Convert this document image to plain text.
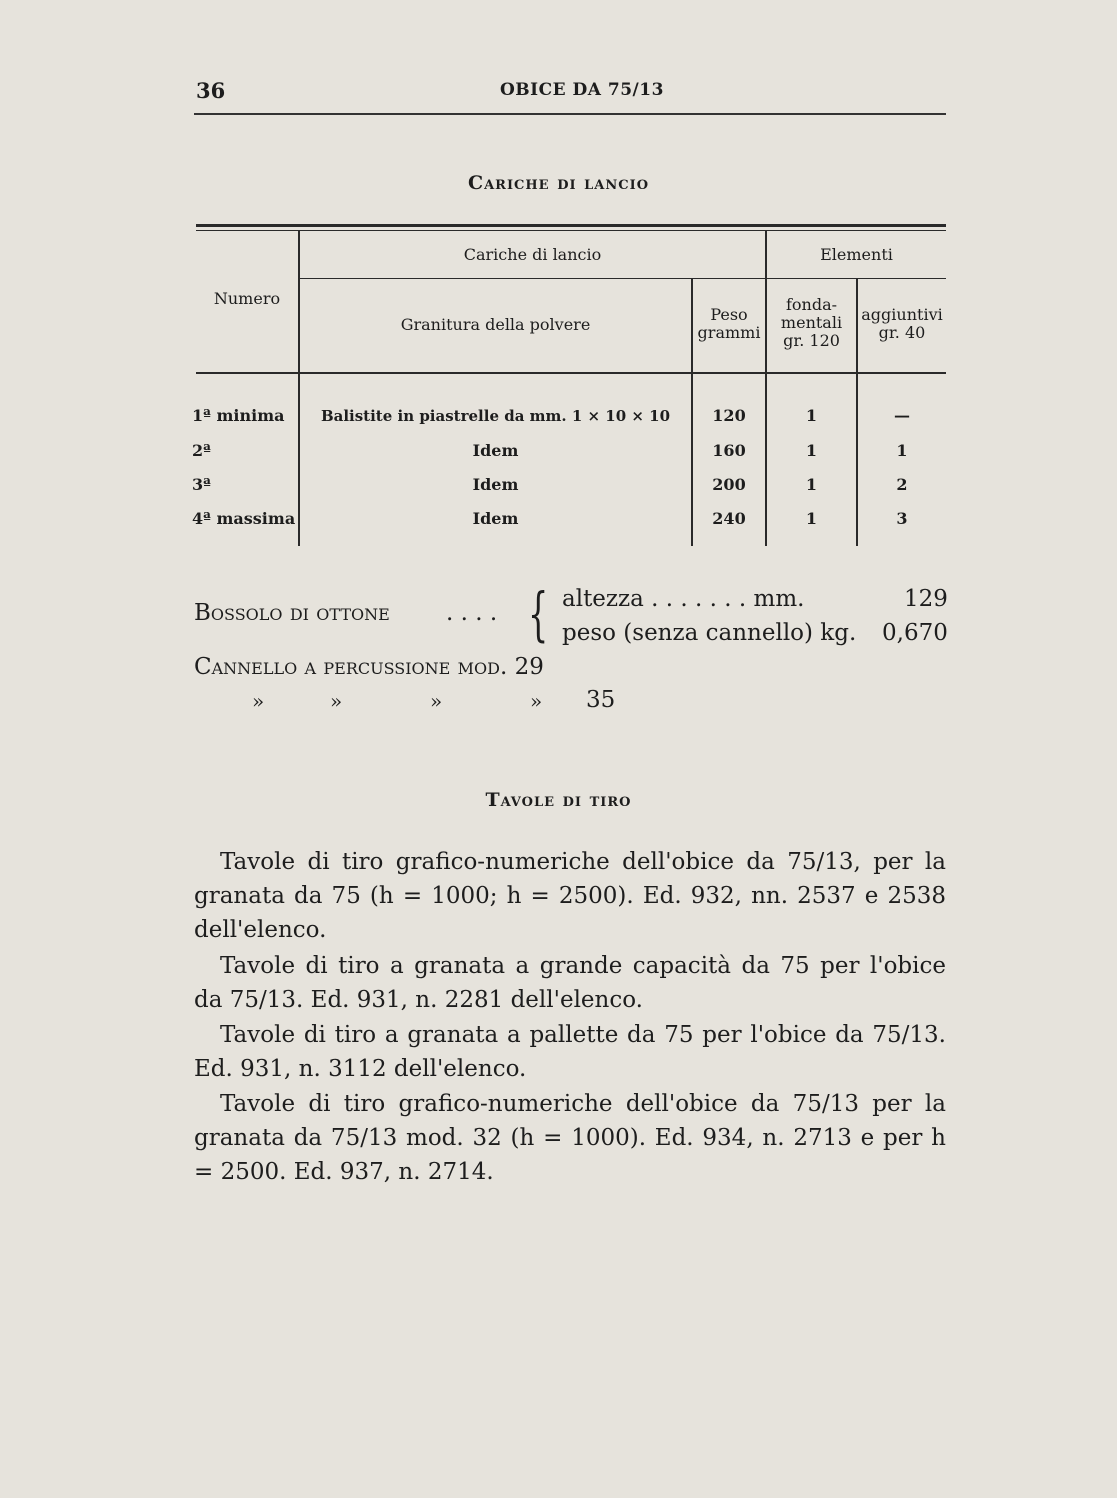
36	OBICE DA 75/13
Cariche di lancio
Numero
Cariche di lancio	Elementi
Granitura della polvere
Peso
grammi
fonda-
mentali
gr. 120
aggiuntivi
gr. 40
1ª minima	Balistite in piastrelle da mm. 1 × 10 × 10	120	1	—
2ª	Idem	160	1	1
3ª	Idem	200	1	2
4ª massima	Idem	240	1	3
Bossolo di ottone . . . . { altezza . . . . . . . mm.	129
peso (senza cannello) kg. 0,670
Cannello a percussione mod. 29
»	»	»	» 35
Tavole di tiro
Tavole di tiro grafico-numeriche dell'obice da 75/13, per la granata da 75 (h = 1000; h = 2500). Ed. 932, nn. 2537 e 2538 dell'elenco.
Tavole di tiro a granata a grande capacità da 75 per l'obice da 75/13. Ed. 931, n. 2281 dell'elenco.
Tavole di tiro a granata a pallette da 75 per l'obice da 75/13. Ed. 931, n. 3112 dell'elenco.
Tavole di tiro grafico-numeriche dell'obice da 75/13 per la granata da 75/13 mod. 32 (h = 1000). Ed. 934, n. 2713 e per h = 2500. Ed. 937, n. 2714.
